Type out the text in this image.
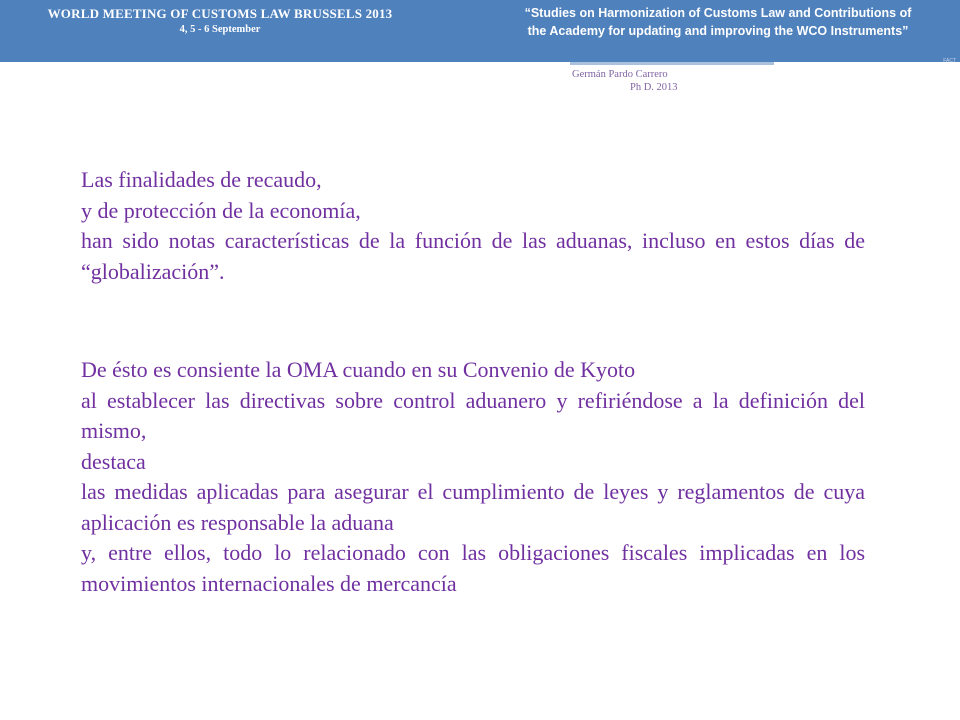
WORLD MEETING OF CUSTOMS LAW BRUSSELS 2013
4, 5 - 6 September
“Studies on Harmonization of Customs Law and Contributions of
the Academy for updating and improving the WCO Instruments”
FACT
Germán Pardo Carrero
Ph D. 2013

Las finalidades de recaudo,

y de protección de la economía,

han sido notas características de la función de las aduanas, incluso en estos días de “globalización”.

De ésto es consiente la OMA cuando en su Convenio de Kyoto

al establecer las directivas sobre control aduanero y refiriéndose a la definición del mismo,

destaca

las medidas aplicadas para asegurar el cumplimiento de leyes y reglamentos de cuya aplicación es responsable la aduana

y, entre ellos, todo lo relacionado con las obligaciones fiscales implicadas en los movimientos internacionales de mercancía
